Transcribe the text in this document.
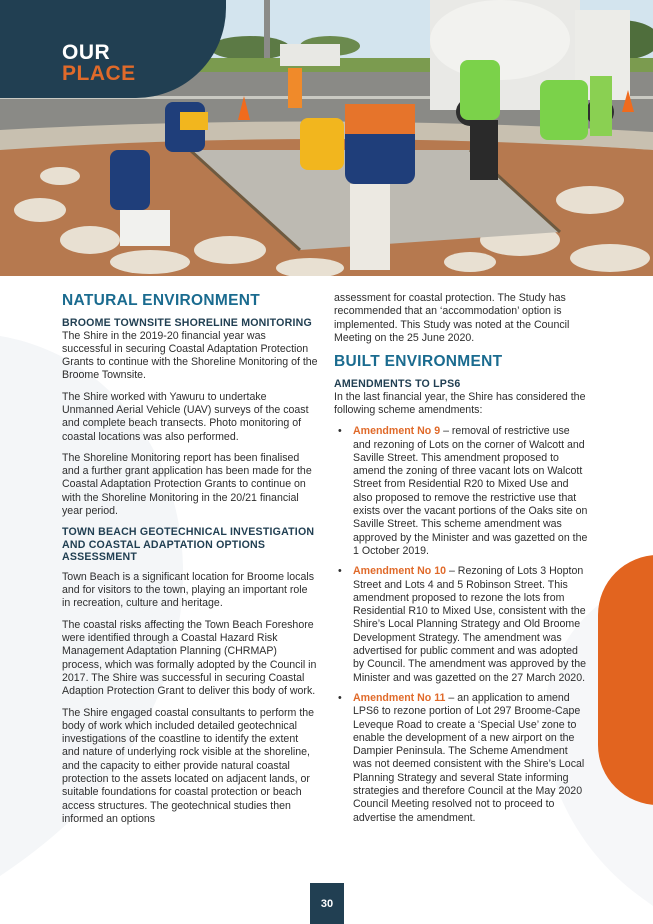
OUR
PLACE
NATURAL ENVIRONMENT
BROOME TOWNSITE SHORELINE MONITORING

The Shire in the 2019-20 financial year was successful in securing Coastal Adaptation Protection Grants to continue with the Shoreline Monitoring of the Broome Townsite.

The Shire worked with Yawuru to undertake Unmanned Aerial Vehicle (UAV) surveys of the coast and complete beach transects. Photo monitoring of coastal locations was also performed.

The Shoreline Monitoring report has been finalised and a further grant application has been made for the Coastal Adaptation Protection Grants to continue on with the Shoreline Monitoring in the 20/21 financial year period.

TOWN BEACH GEOTECHNICAL INVESTIGATION AND COASTAL ADAPTATION OPTIONS ASSESSMENT

Town Beach is a significant location for Broome locals and for visitors to the town, playing an important role in recreation, culture and heritage.

The coastal risks affecting the Town Beach Foreshore were identified through a Coastal Hazard Risk Management Adaptation Planning (CHRMAP) process, which was formally adopted by the Council in 2017. The Shire was successful in securing Coastal Adaption Protection Grant to deliver this body of work.

The Shire engaged coastal consultants to perform the body of work which included detailed geotechnical investigations of the coastline to identify the extent and nature of underlying rock visible at the shoreline, and the capacity to either provide natural coastal protection to the assets located on adjacent lands, or suitable foundations for coastal protection or beach access structures. The geotechnical studies then informed an options

assessment for coastal protection. The Study has recommended that an ‘accommodation’ option is implemented. This Study was noted at the Council Meeting on the 25 June 2020.

BUILT ENVIRONMENT
AMENDMENTS TO LPS6

In the last financial year, the Shire has considered the following scheme amendments:

• Amendment No 9 – removal of restrictive use and rezoning of Lots on the corner of Walcott and Saville Street. This amendment proposed to amend the zoning of three vacant lots on Walcott Street from Residential R20 to Mixed Use and also proposed to remove the restrictive use that exists over the vacant portions of the Oaks site on Saville Street. This scheme amendment was approved by the Minister and was gazetted on the 1 October 2019.
• Amendment No 10 – Rezoning of Lots 3 Hopton Street and Lots 4 and 5 Robinson Street. This amendment proposed to rezone the lots from Residential R10 to Mixed Use, consistent with the Shire’s Local Planning Strategy and Old Broome Development Strategy. The amendment was advertised for public comment and was adopted by Council. The amendment was approved by the Minister and was gazetted on the 27 March 2020.
• Amendment No 11 – an application to amend LPS6 to rezone portion of Lot 297 Broome-Cape Leveque Road to create a ‘Special Use’ zone to enable the development of a new airport on the Dampier Peninsula. The Scheme Amendment was not deemed consistent with the Shire’s Local Planning Strategy and several State informing strategies and therefore Council at the May 2020 Council Meeting resolved not to proceed to advertise the amendment.
30
